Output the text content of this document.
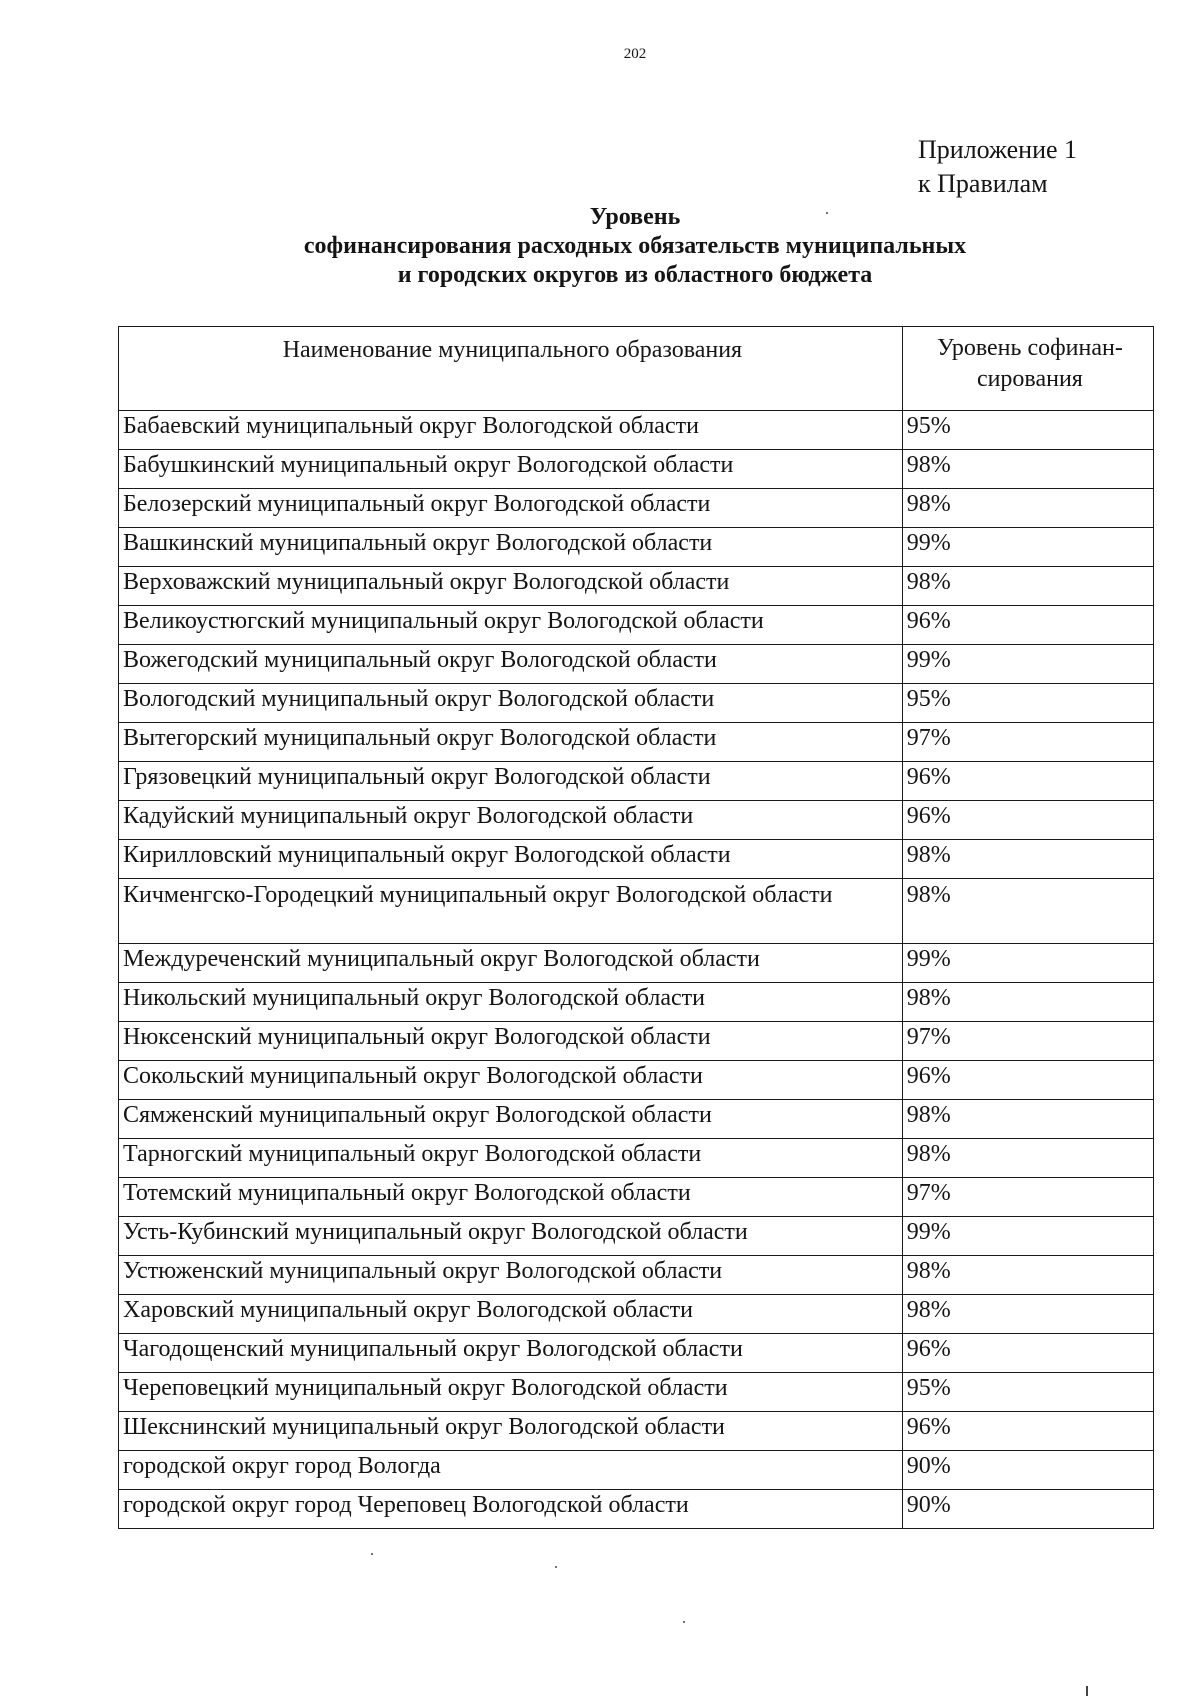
202
Приложение 1
к Правилам
Уровень
софинансирования расходных обязательств муниципальных
и городских округов из областного бюджета
Наименование муниципального образования	Уровень софинан-сирования
Бабаевский муниципальный округ Вологодской области	95%
Бабушкинский муниципальный округ Вологодской области	98%
Белозерский муниципальный округ Вологодской области	98%
Вашкинский муниципальный округ Вологодской области	99%
Верховажский муниципальный округ Вологодской области	98%
Великоустюгский муниципальный округ Вологодской области	96%
Вожегодский муниципальный округ Вологодской области	99%
Вологодский муниципальный округ Вологодской области	95%
Вытегорский муниципальный округ Вологодской области	97%
Грязовецкий муниципальный округ Вологодской области	96%
Кадуйский муниципальный округ Вологодской области	96%
Кирилловский муниципальный округ Вологодской области	98%
Кичменгско-Городецкий муниципальный округ Вологодской области	98%
Междуреченский муниципальный округ Вологодской области	99%
Никольский муниципальный округ Вологодской области	98%
Нюксенский муниципальный округ Вологодской области	97%
Сокольский муниципальный округ Вологодской области	96%
Сямженский муниципальный округ Вологодской области	98%
Тарногский муниципальный округ Вологодской области	98%
Тотемский муниципальный округ Вологодской области	97%
Усть-Кубинский муниципальный округ Вологодской области	99%
Устюженский муниципальный округ Вологодской области	98%
Харовский муниципальный округ Вологодской области	98%
Чагодощенский муниципальный округ Вологодской области	96%
Череповецкий муниципальный округ Вологодской области	95%
Шекснинский муниципальный округ Вологодской области	96%
городской округ город Вологда	90%
городской округ город Череповец Вологодской области	90%
